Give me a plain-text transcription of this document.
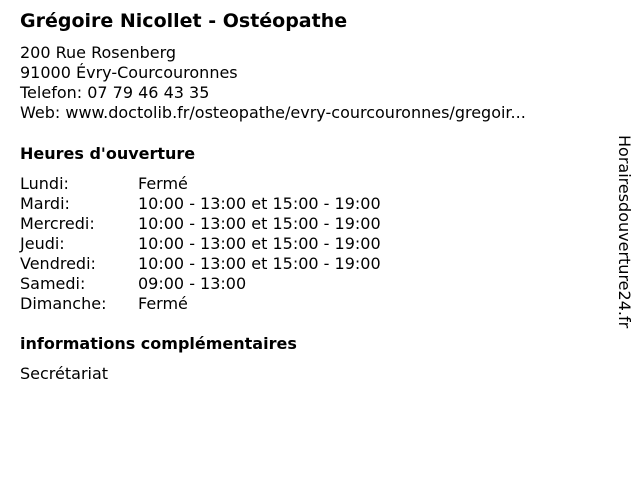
Grégoire Nicollet - Ostéopathe
200 Rue Rosenberg
91000 Évry-Courcouronnes
Telefon: 07 79 46 43 35
Web: www.doctolib.fr/osteopathe/evry-courcouronnes/gregoir...
Heures d'ouverture
Lundi:	Fermé
Mardi:	10:00 - 13:00 et 15:00 - 19:00
Mercredi:	10:00 - 13:00 et 15:00 - 19:00
Jeudi:	10:00 - 13:00 et 15:00 - 19:00
Vendredi:	10:00 - 13:00 et 15:00 - 19:00
Samedi:	09:00 - 13:00
Dimanche:	Fermé
informations complémentaires
Secrétariat
Horairesdouverture24.fr
